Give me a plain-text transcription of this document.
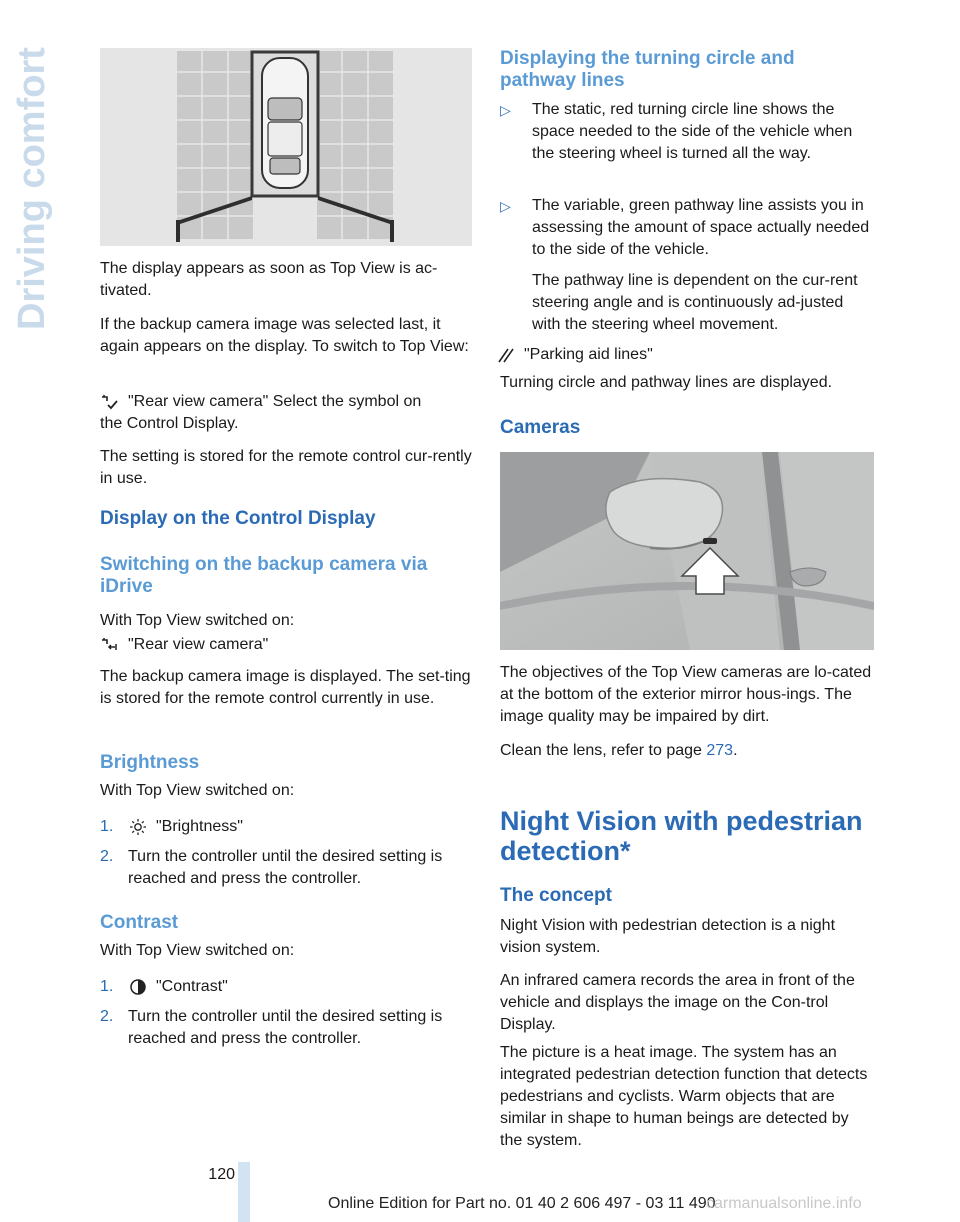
Driving comfort	The display appears as soon as Top View is ac-tivated.

If the backup camera image was selected last, it again appears on the display. To switch to Top View:

"Rear view camera" Select the symbol on

the Control Display.

The setting is stored for the remote control cur-rently in use.

Display on the Control Display
Switching on the backup camera via iDrive

With Top View switched on:

"Rear view camera"

The backup camera image is displayed. The set-ting is stored for the remote control currently in use.

Brightness

With Top View switched on:

1.	"Brightness"
2. Turn the controller until the desired setting is reached and press the controller.

Contrast

With Top View switched on:

1.	"Contrast"
2. Turn the controller until the desired setting is reached and press the controller.

Displaying the turning circle and pathway lines
▷	The static, red turning circle line shows the space needed to the side of the vehicle when the steering wheel is turned all the way.

▷	The variable, green pathway line assists you in assessing the amount of space actually needed to the side of the vehicle.

The pathway line is dependent on the cur-rent steering angle and is continuously ad-justed with the steering wheel movement.

"Parking aid lines"

Turning circle and pathway lines are displayed.

Cameras

The objectives of the Top View cameras are lo-cated at the bottom of the exterior mirror hous-ings. The image quality may be impaired by dirt.

Clean the lens, refer to page 273.

Night Vision with pedestrian detection*
The concept

Night Vision with pedestrian detection is a night vision system.

An infrared camera records the area in front of the vehicle and displays the image on the Con-trol Display.

The picture is a heat image. The system has an integrated pedestrian detection function that detects pedestrians and cyclists. Warm objects that are similar in shape to human beings are detected by the system.

120
Online Edition for Part no. 01 40 2 606 497 - 03 11 490
carmanualsonline.info
